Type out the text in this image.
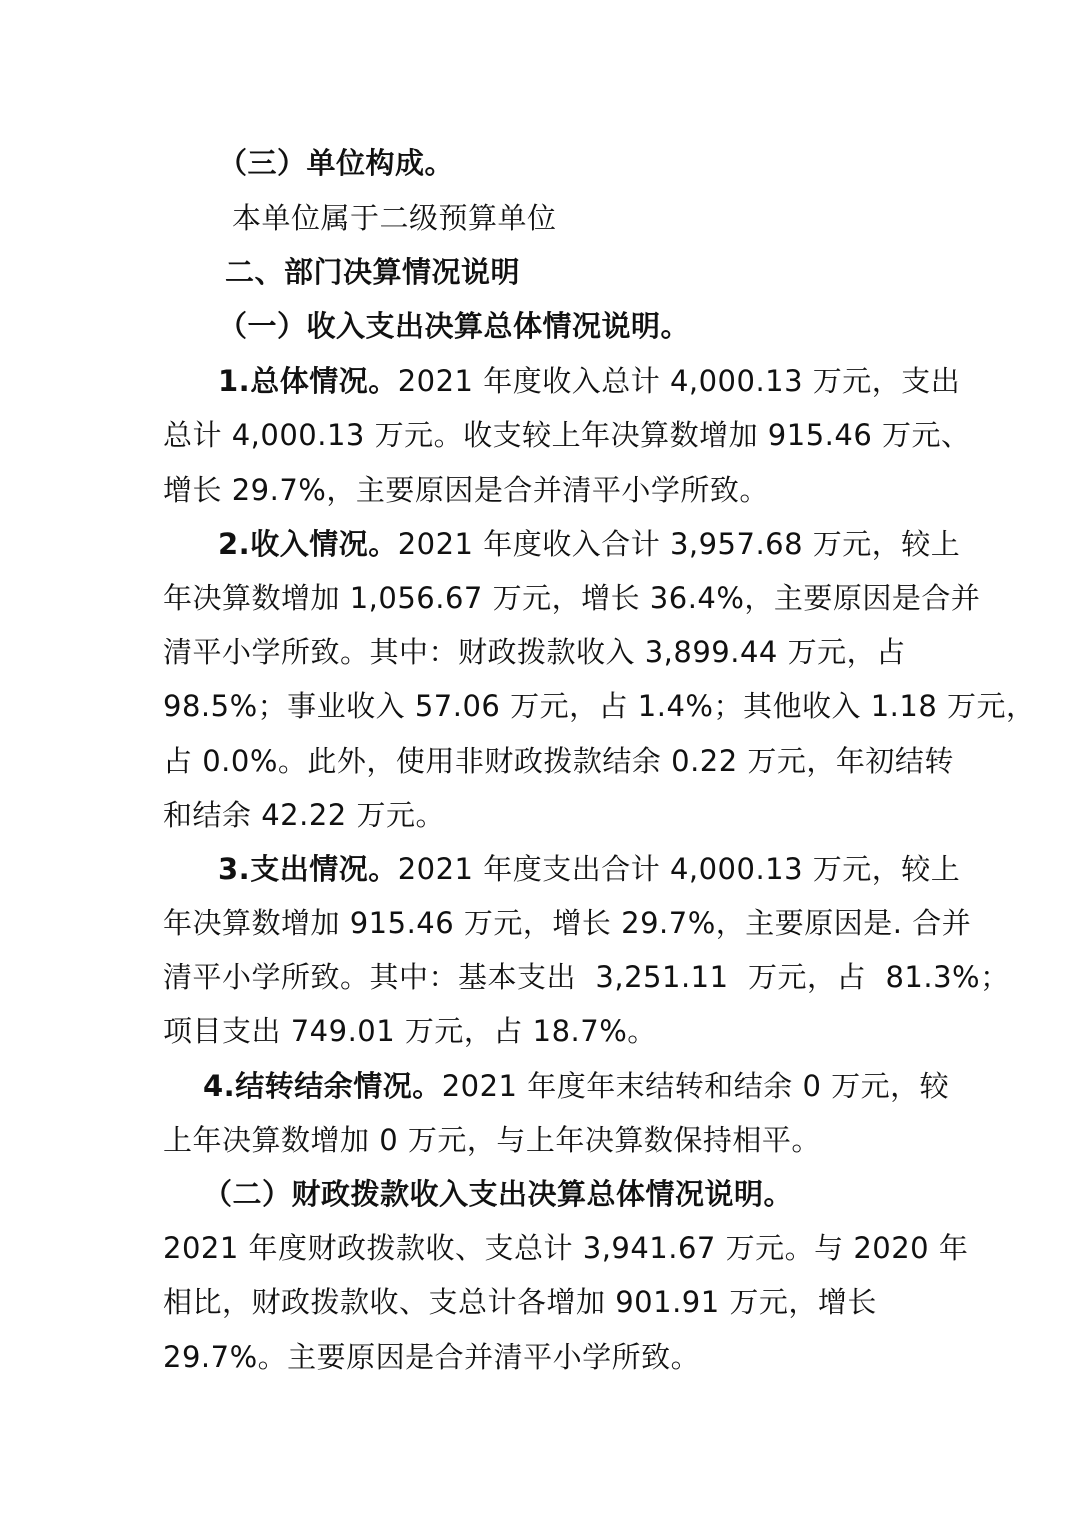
（三）单位构成。
本单位属于二级预算单位
二、部门决算情况说明
（一）收入支出决算总体情况说明。
1.总体情况。2021 年度收入总计 4,000.13 万元，支出
总计 4,000.13 万元。收支较上年决算数增加 915.46 万元、
增长 29.7%，主要原因是合并清平小学所致。
2.收入情况。2021 年度收入合计 3,957.68 万元，较上
年决算数增加 1,056.67 万元，增长 36.4%，主要原因是合并
清平小学所致。其中：财政拨款收入 3,899.44 万元，占
98.5%；事业收入 57.06 万元，占 1.4%；其他收入 1.18 万元，
占 0.0%。此外，使用非财政拨款结余 0.22 万元，年初结转
和结余 42.22 万元。
3.支出情况。2021 年度支出合计 4,000.13 万元，较上
年决算数增加 915.46 万元，增长 29.7%，主要原因是. 合并
清平小学所致。其中：基本支出  3,251.11  万元，占  81.3%；
项目支出 749.01 万元，占 18.7%。
4.结转结余情况。2021 年度年末结转和结余 0 万元，较
上年决算数增加 0 万元，与上年决算数保持相平。
（二）财政拨款收入支出决算总体情况说明。
2021 年度财政拨款收、支总计 3,941.67 万元。与 2020 年
相比，财政拨款收、支总计各增加 901.91 万元，增长
29.7%。主要原因是合并清平小学所致。
